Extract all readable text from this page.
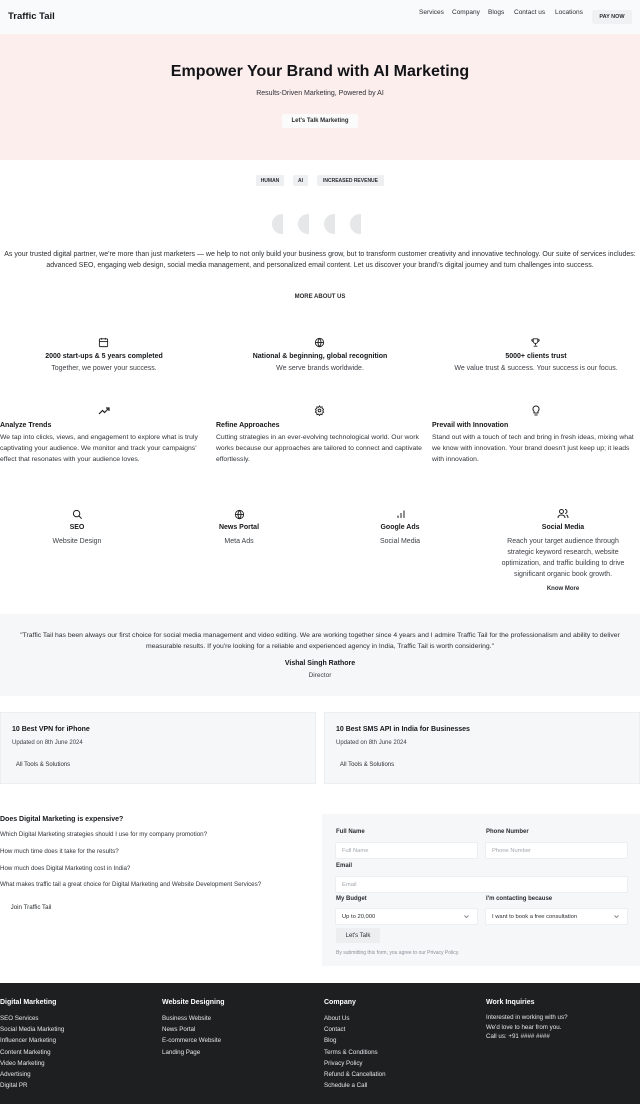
Traffic Tail	Services Company Blogs Contact us Locations
PAY NOW
Empower Your Brand with AI Marketing
Results-Driven Marketing, Powered by AI
Let's Talk Marketing
HUMAN	AI	INCREASED REVENUE
As your trusted digital partner, we're more than just marketers — we help to not only build your business grow, but to transform customer creativity and innovative technology. Our suite of services includes: advanced SEO, engaging web design, social media management, and personalized email content. Let us discover your brand\'s digital journey and turn challenges into success.
MORE ABOUT US
2000 start-ups & 5 years completed
Together, we power your success.
National & beginning, global recognition
We serve brands worldwide.
5000+ clients trust
We value trust & success. Your success is our focus.
Analyze Trends
We tap into clicks, views, and engagement to explore what is truly captivating your audience. We monitor and track your campaigns' effect that resonates with your audience loves.
Refine Approaches
Cutting strategies in an ever-evolving technological world. Our work works because our approaches are tailored to connect and captivate effortlessly.
Prevail with Innovation
Stand out with a touch of tech and bring in fresh ideas, mixing what we know with innovation. Your brand doesn't just keep up; it leads with innovation.
SEO
Website Design
News Portal
Meta Ads
Google Ads
Social Media
Social Media
Reach your target audience through strategic keyword research, website optimization, and traffic building to drive significant organic book growth.
Know More
"Traffic Tail has been always our first choice for social media management and video editing. We are working together since 4 years and I admire Traffic Tail for the professionalism and ability to deliver measurable results. If you're looking for a reliable and experienced agency in India, Traffic Tail is worth considering."
Vishal Singh Rathore
Director
10 Best VPN for iPhone
Updated on 8th June 2024
All Tools & Solutions
10 Best SMS API in India for Businesses
Updated on 8th June 2024
All Tools & Solutions
Does Digital Marketing is expensive?
Which Digital Marketing strategies should I use for my company promotion?
How much time does it take for the results?
How much does Digital Marketing cost in India?
What makes traffic tail a great choice for Digital Marketing and Website Development Services?
Join Traffic Tail
Full Name	Phone Number
Full Name	Phone Number
Email
Email
My Budget	I'm contacting because
Up to 20,000	I want to book a free consultation
Let's Talk
By submitting this form, you agree to our Privacy Policy.
Digital Marketing
SEO Services
Social Media Marketing
Influencer Marketing
Content Marketing
Video Marketing
Advertising
Digital PR
Website Designing
Business Website
News Portal
E-commerce Website
Landing Page
Company
About Us
Contact
Blog
Terms & Conditions
Privacy Policy
Refund & Cancellation
Schedule a Call
Work Inquiries
Interested in working with us?
We'd love to hear from you.
Call us: +91 #### ####
